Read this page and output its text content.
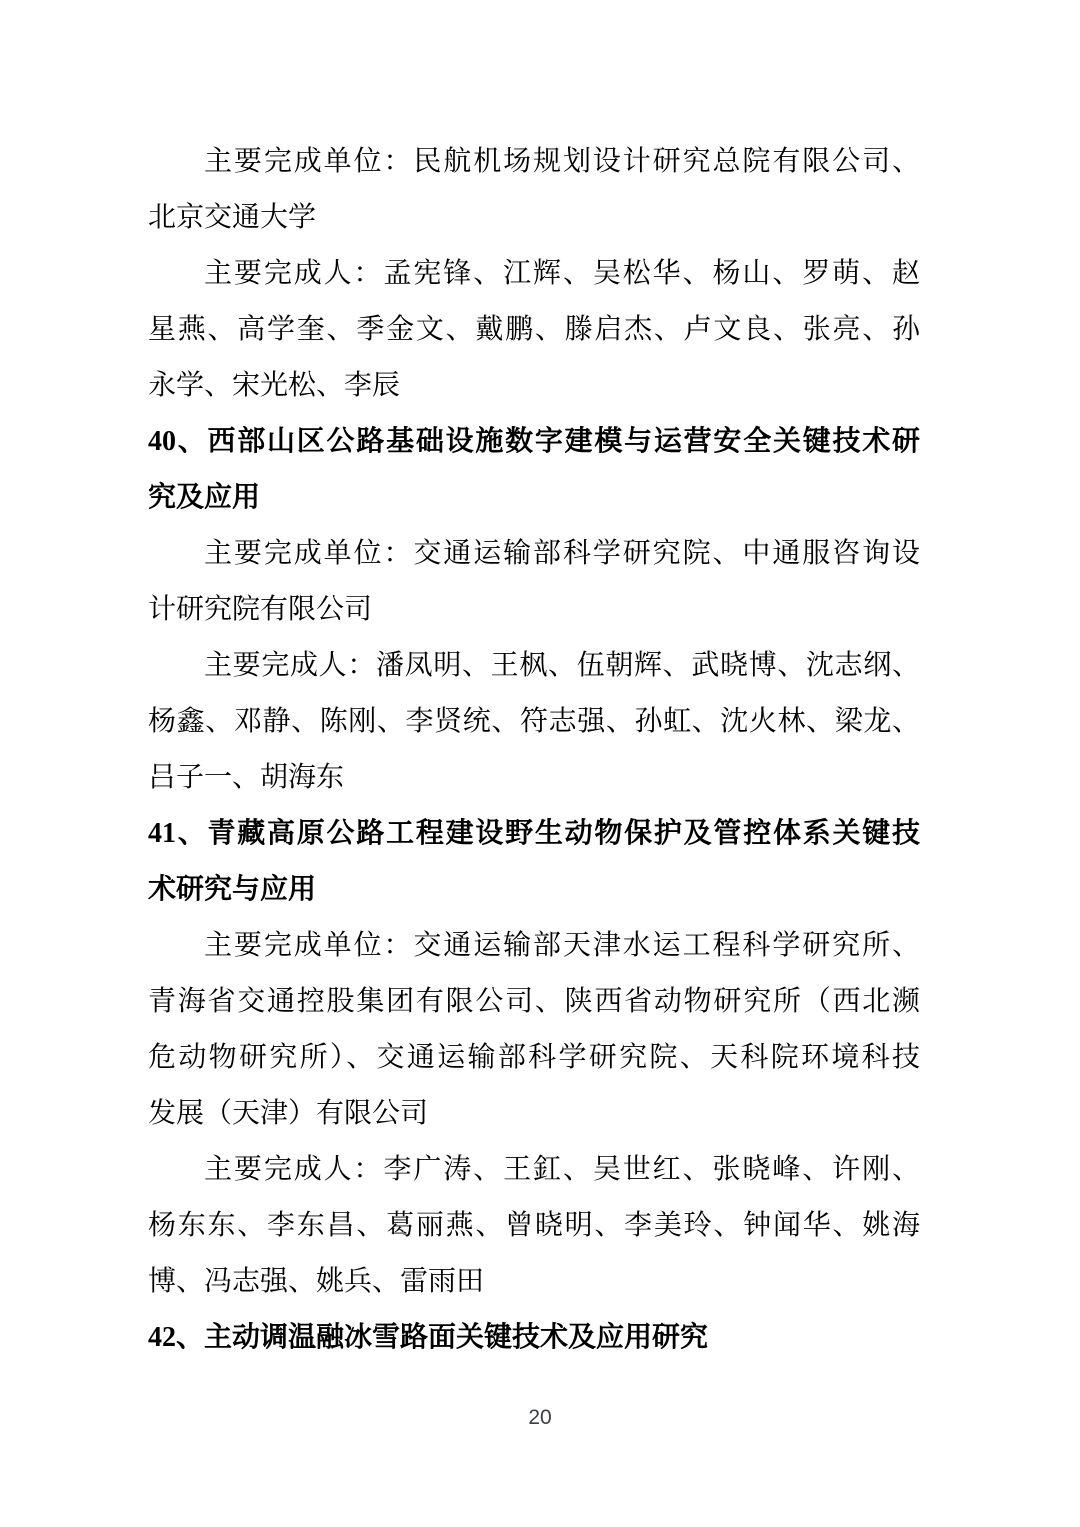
主要完成单位：民航机场规划设计研究总院有限公司、
北京交通大学
主要完成人：孟宪锋、江辉、吴松华、杨山、罗萌、赵
星燕、高学奎、季金文、戴鹏、滕启杰、卢文良、张亮、孙
永学、宋光松、李辰
40、西部山区公路基础设施数字建模与运营安全关键技术研
究及应用
主要完成单位：交通运输部科学研究院、中通服咨询设
计研究院有限公司
主要完成人：潘凤明、王枫、伍朝辉、武晓博、沈志纲、
杨鑫、邓静、陈刚、李贤统、符志强、孙虹、沈火林、梁龙、
吕子一、胡海东
41、青藏高原公路工程建设野生动物保护及管控体系关键技
术研究与应用
主要完成单位：交通运输部天津水运工程科学研究所、
青海省交通控股集团有限公司、陕西省动物研究所（西北濒
危动物研究所）、交通运输部科学研究院、天科院环境科技
发展（天津）有限公司
主要完成人：李广涛、王釭、吴世红、张晓峰、许刚、
杨东东、李东昌、葛丽燕、曾晓明、李美玲、钟闻华、姚海
博、冯志强、姚兵、雷雨田
42、主动调温融冰雪路面关键技术及应用研究
20
